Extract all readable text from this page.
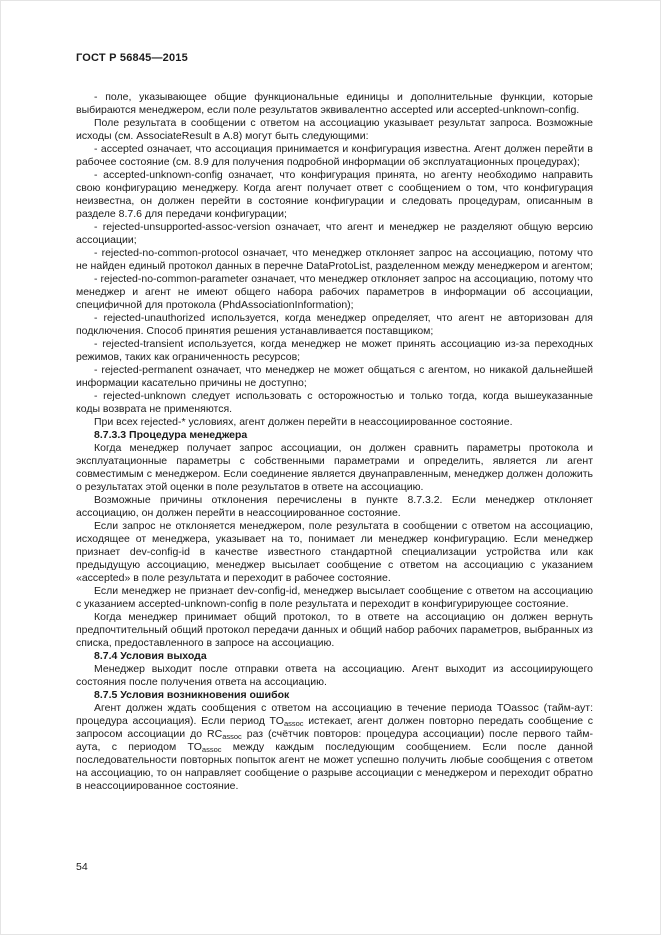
ГОСТ Р 56845—2015
- поле, указывающее общие функциональные единицы и дополнительные функции, которые выбираются менеджером, если поле результатов эквивалентно accepted или accepted-unknown-config.
Поле результата в сообщении с ответом на ассоциацию указывает результат запроса. Возможные исходы (см. AssociateResult в А.8) могут быть следующими:
- accepted означает, что ассоциация принимается и конфигурация известна. Агент должен перейти в рабочее состояние (см. 8.9 для получения подробной информации об эксплуатационных процедурах);
- accepted-unknown-config означает, что конфигурация принята, но агенту необходимо направить свою конфигурацию менеджеру. Когда агент получает ответ с сообщением о том, что конфигурация неизвестна, он должен перейти в состояние конфигурации и следовать процедурам, описанным в разделе 8.7.6 для передачи конфигурации;
- rejected-unsupported-assoc-version означает, что агент и менеджер не разделяют общую версию ассоциации;
- rejected-no-common-protocol означает, что менеджер отклоняет запрос на ассоциацию, потому что не найден единый протокол данных в перечне DataProtoList, разделенном между менеджером и агентом;
- rejected-no-common-parameter означает, что менеджер отклоняет запрос на ассоциацию, потому что менеджер и агент не имеют общего набора рабочих параметров в информации об ассоциации, специфичной для протокола (PhdAssociationInformation);
- rejected-unauthorized используется, когда менеджер определяет, что агент не авторизован для подключения. Способ принятия решения устанавливается поставщиком;
- rejected-transient используется, когда менеджер не может принять ассоциацию из-за переходных режимов, таких как ограниченность ресурсов;
- rejected-permanent означает, что менеджер не может общаться с агентом, но никакой дальнейшей информации касательно причины не доступно;
- rejected-unknown следует использовать с осторожностью и только тогда, когда вышеуказанные коды возврата не применяются.
При всех rejected-* условиях, агент должен перейти в неассоциированное состояние.
8.7.3.3 Процедура менеджера
Когда менеджер получает запрос ассоциации, он должен сравнить параметры протокола и эксплуатационные параметры с собственными параметрами и определить, является ли агент совместимым с менеджером. Если соединение является двунаправленным, менеджер должен доложить о результатах этой оценки в поле результатов в ответе на ассоциацию.
Возможные причины отклонения перечислены в пункте 8.7.3.2. Если менеджер отклоняет ассоциацию, он должен перейти в неассоциированное состояние.
Если запрос не отклоняется менеджером, поле результата в сообщении с ответом на ассоциацию, исходящее от менеджера, указывает на то, понимает ли менеджер конфигурацию. Если менеджер признает dev-config-id в качестве известного стандартной специализации устройства или как предыдущую ассоциацию, менеджер высылает сообщение с ответом на ассоциацию с указанием «accepted» в поле результата и переходит в рабочее состояние.
Если менеджер не признает dev-config-id, менеджер высылает сообщение с ответом на ассоциацию с указанием accepted-unknown-config в поле результата и переходит в конфигурирующее состояние.
Когда менеджер принимает общий протокол, то в ответе на ассоциацию он должен вернуть предпочтительный общий протокол передачи данных и общий набор рабочих параметров, выбранных из списка, предоставленного в запросе на ассоциацию.
8.7.4 Условия выхода
Менеджер выходит после отправки ответа на ассоциацию. Агент выходит из ассоциирующего состояния после получения ответа на ассоциацию.
8.7.5 Условия возникновения ошибок
Агент должен ждать сообщения с ответом на ассоциацию в течение периода TOassoc (тайм-аут: процедура ассоциация). Если период $TO_{assoc}$ истекает, агент должен повторно передать сообщение с запросом ассоциации до $RC_{assoc}$ раз (счётчик повторов: процедура ассоциации) после первого тайм-аута, с периодом $TO_{assoc}$ между каждым последующим сообщением. Если после данной последовательности повторных попыток агент не может успешно получить любые сообщения с ответом на ассоциацию, то он направляет сообщение о разрыве ассоциации с менеджером и переходит обратно в неассоциированное состояние.
54
